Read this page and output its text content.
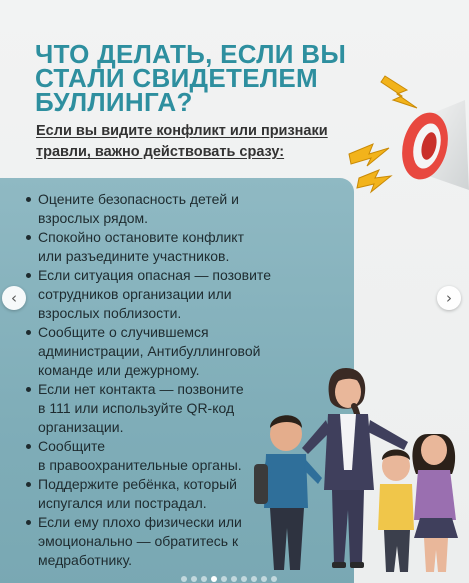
ЧТО ДЕЛАТЬ, ЕСЛИ ВЫ
СТАЛИ СВИДЕТЕЛЕМ
БУЛЛИНГА?

Если вы видите конфликт или признаки
травли, важно действовать сразу:

Оцените безопасность детей и
взрослых рядом.
Спокойно остановите конфликт
или разъедините участников.
Если ситуация опасная — позовите
сотрудников организации или
взрослых поблизости.
Сообщите о случившемся
администрации, Антибуллинговой
команде или дежурному.
Если нет контакта — позвоните
в 111 или используйте QR-код
организации.
Сообщите
в правоохранительные органы.
Поддержите ребёнка, который
испугался или пострадал.
Если ему плохо физически или
эмоционально — обратитесь к
медработнику.
‹	›
